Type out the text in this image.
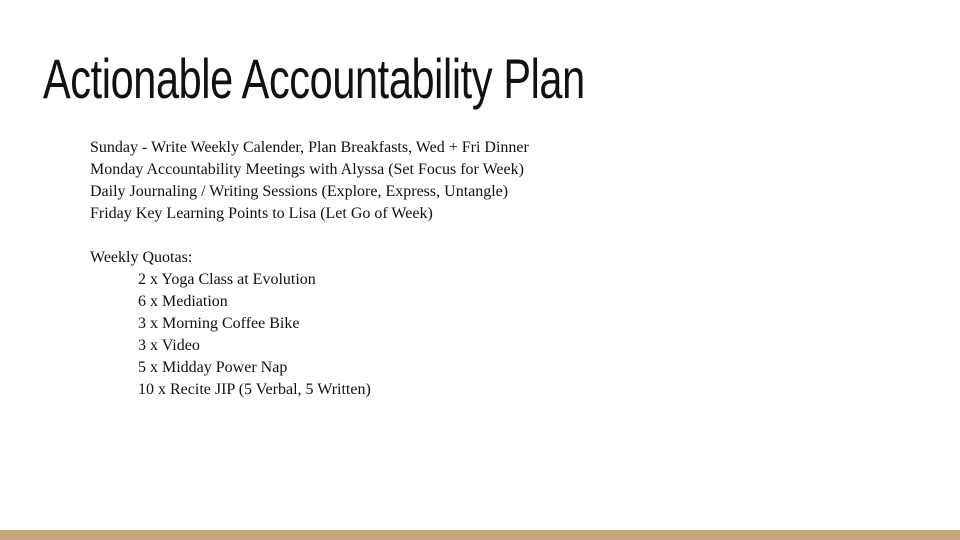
Actionable Accountability Plan
Sunday - Write Weekly Calender, Plan Breakfasts, Wed + Fri Dinner
Monday Accountability Meetings with Alyssa (Set Focus for Week)
Daily Journaling / Writing Sessions (Explore, Express, Untangle)
Friday Key Learning Points to Lisa (Let Go of Week)
Weekly Quotas:
2 x Yoga Class at Evolution
6 x Mediation
3 x Morning Coffee Bike
3 x Video
5 x Midday Power Nap
10 x Recite JIP (5 Verbal, 5 Written)
